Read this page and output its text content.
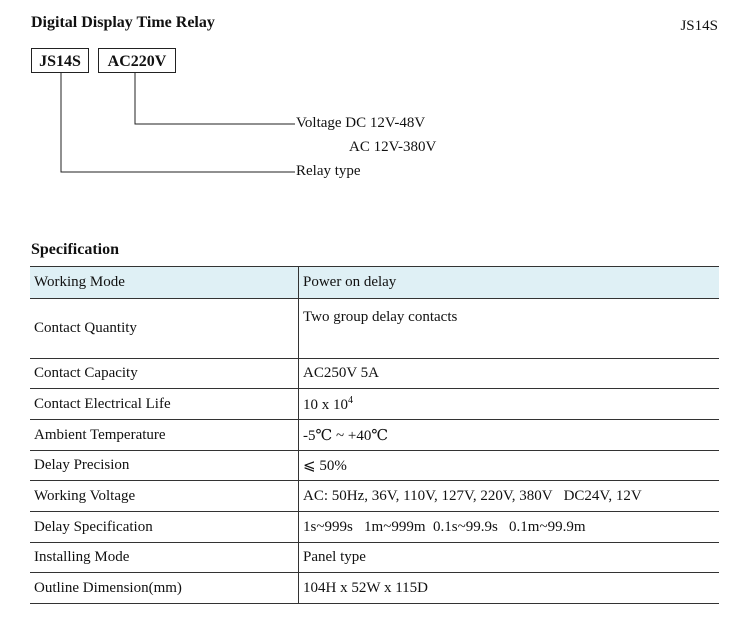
Digital Display Time Relay	JS14S
JS14S	AC220V
Voltage DC 12V-48V
AC 12V-380V
Relay type
Specification
Working Mode	Power on delay
Contact Quantity	Two group delay contacts
Contact Capacity	AC250V 5A
Contact Electrical Life	10 x $10^4$
Ambient Temperature	-5℃ ~ +40℃
Delay Precision	⩽ 50%
Working Voltage	AC: 50Hz, 36V, 110V, 127V, 220V, 380V   DC24V, 12V
Delay Specification	1s~999s   1m~999m  0.1s~99.9s   0.1m~99.9m
Installing Mode	Panel type
Outline Dimension(mm)	104H x 52W x 115D
